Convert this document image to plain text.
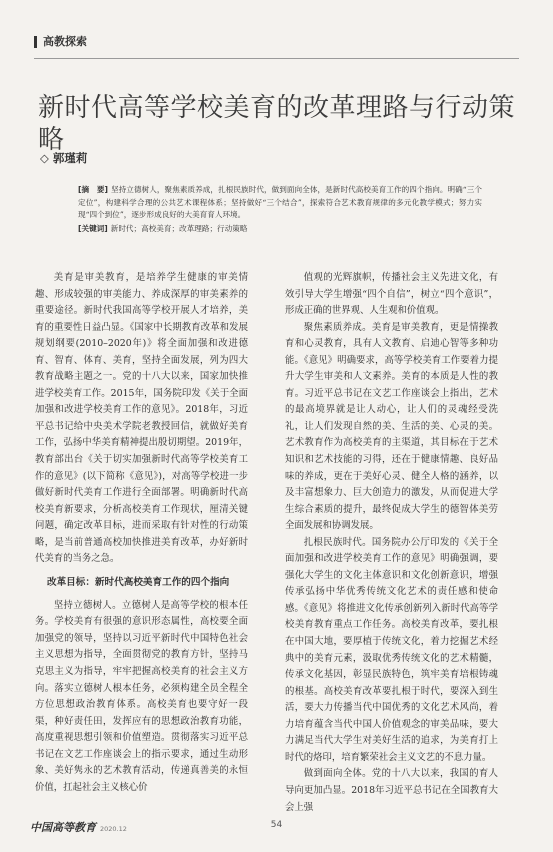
高教探索
新时代高等学校美育的改革理路与行动策略
◇ 郭瑾莉

[摘　要] 坚持立德树人，聚焦素质养成，扎根民族时代，做到面向全体，是新时代高校美育工作的四个指向。明确“三个定位”，构建科学合理的公共艺术课程体系；坚持做好“三个结合”，探索符合艺术教育规律的多元化教学模式；努力实现“四个到位”，逐步形成良好的大美育育人环境。

[关键词] 新时代；高校美育；改革理路；行动策略

美育是审美教育，是培养学生健康的审美情趣、形成较强的审美能力、养成深厚的审美素养的重要途径。新时代我国高等学校开展人才培养，美育的重要性日益凸显。《国家中长期教育改革和发展规划纲要(2010–2020年)》将全面加强和改进德育、智育、体育、美育，坚持全面发展，列为四大教育战略主题之一。党的十八大以来，国家加快推进学校美育工作。2015年，国务院印发《关于全面加强和改进学校美育工作的意见》。2018年，习近平总书记给中央美术学院老教授回信，就做好美育工作，弘扬中华美育精神提出殷切期望。2019年，教育部出台《关于切实加强新时代高等学校美育工作的意见》(以下简称《意见》)，对高等学校进一步做好新时代美育工作进行全面部署。明确新时代高校美育新要求，分析高校美育工作现状，厘清关键问题，确定改革目标，进而采取有针对性的行动策略，是当前普通高校加快推进美育改革，办好新时代美育的当务之急。

改革目标：新时代高校美育工作的四个指向

坚持立德树人。立德树人是高等学校的根本任务。学校美育有很强的意识形态属性，高校要全面加强党的领导，坚持以习近平新时代中国特色社会主义思想为指导，全面贯彻党的教育方针，坚持马克思主义为指导，牢牢把握高校美育的社会主义方向。落实立德树人根本任务，必须构建全员全程全方位思想政治教育体系。高校美育也要守好一段渠，种好责任田，发挥应有的思想政治教育功能，高度重视思想引领和价值塑造。贯彻落实习近平总书记在文艺工作座谈会上的指示要求，通过生动形象、美好隽永的艺术教育活动，传递真善美的永恒价值，扛起社会主义核心价

值观的光辉旗帜，传播社会主义先进文化，有效引导大学生增强“四个自信”，树立“四个意识”，形成正确的世界观、人生观和价值观。

聚焦素质养成。美育是审美教育，更是情操教育和心灵教育，具有人文教育、启迪心智等多种功能。《意见》明确要求，高等学校美育工作要着力提升大学生审美和人文素养。美育的本质是人性的教育。习近平总书记在文艺工作座谈会上指出，艺术的最高境界就是让人动心，让人们的灵魂经受洗礼，让人们发现自然的美、生活的美、心灵的美。艺术教育作为高校美育的主渠道，其目标在于艺术知识和艺术技能的习得，还在于健康情趣、良好品味的养成，更在于美好心灵、健全人格的涵养，以及丰富想象力、巨大创造力的激发，从而促进大学生综合素质的提升，最终促成大学生的德智体美劳全面发展和协调发展。

扎根民族时代。国务院办公厅印发的《关于全面加强和改进学校美育工作的意见》明确强调，要强化大学生的文化主体意识和文化创新意识，增强传承弘扬中华优秀传统文化艺术的责任感和使命感。《意见》将推进文化传承创新列入新时代高等学校美育教育重点工作任务。高校美育改革，要扎根在中国大地，要厚植于传统文化，着力挖掘艺术经典中的美育元素，汲取优秀传统文化的艺术精髓，传承文化基因，彰显民族特色，筑牢美育培根铸魂的根基。高校美育改革要扎根于时代，要深入到生活，要大力传播当代中国优秀的文化艺术风尚，着力培育蕴含当代中国人价值观念的审美品味，要大力满足当代大学生对美好生活的追求，为美育打上时代的烙印，培育繁荣社会主义文艺的不息力量。

做到面向全体。党的十八大以来，我国的育人导向更加凸显。2018年习近平总书记在全国教育大会上强

中国高等教育 2020.12	54
